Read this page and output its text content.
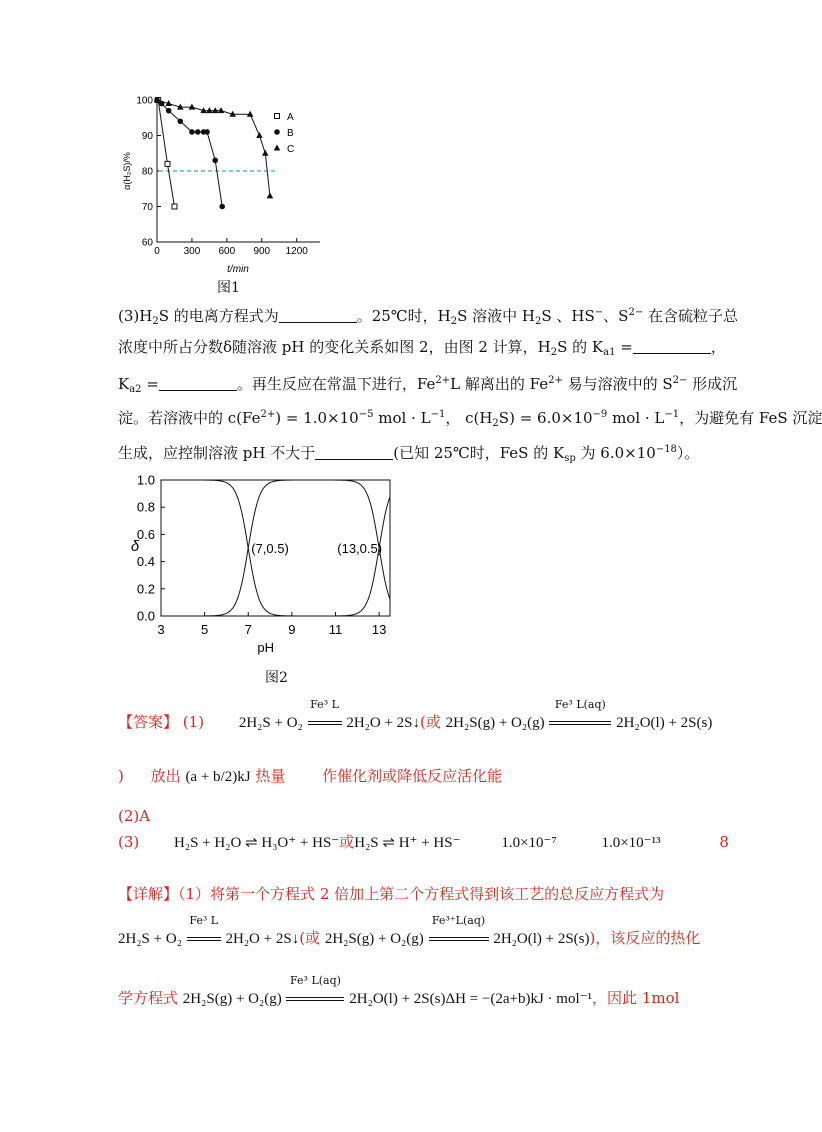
60
70
80
90
100
0 300 600 900 1200
t/min
α(H₂S)/%
A
B
C
图1
$(3)H_2S$ 的电离方程式为	。25℃时，$H_2S$ 溶液中 $H_2S$ 、HS−、$S^{2-}$ 在含硫粒子总
浓度中所占分数δ随溶液 pH 的变化关系如图 2，由图 2 计算，$H_2S$ 的 $K_{a1}$ =	，
$K_{a2}$ =	。再生反应在常温下进行，$Fe^{2+}L$ 解离出的 $Fe^{2+}$ 易与溶液中的 $S^{2-}$ 形成沉
淀。若溶液中的 $c(Fe^{2+}) = 1.0\times 10^{-5}$ mol · $L^{-1}$， $c(H_2S) = 6.0\times 10^{-9}$ mol · $L^{-1}$，为避免有 FeS 沉淀
生成，应控制溶液 pH 不大于	(已知 25℃时，FeS 的 $K_{sp}$ 为 $6.0\times 10^{-18}$）。
0.0
0.2
0.4
0.6
0.8
1.0
3	5	7	9	11 13
δ
pH
(7,0.5)	(13,0.5)
图2
【答案】 (1) 2H₂S + O₂
Fe³ L
2H₂O + 2S↓(或 2H₂S(g) + O₂(g)
Fe³ L(aq)
2H₂O(l) + 2S(s)
) 放出 (a + b/2)kJ 热量 作催化剂或降低反应活化能
(2)A
(3) H₂S + H₂O ⇌ H₃O⁺ + HS⁻或H₂S ⇌ H⁺ + HS⁻	1.0×10⁻⁷	1.0×10⁻¹³	8
【详解】（1）将第一个方程式 2 倍加上第二个方程式得到该工艺的总反应方程式为
2H₂S + O₂
Fe³ L
2H₂O + 2S↓(或 2H₂S(g) + O₂(g)
Fe³⁺L(aq)
2H₂O(l) + 2S(s))，该反应的热化
学方程式 2H₂S(g) + O₂(g)
Fe³ L(aq)
2H₂O(l) + 2S(s)ΔH = −(2a+b)kJ · mol⁻¹，因此 1mol
